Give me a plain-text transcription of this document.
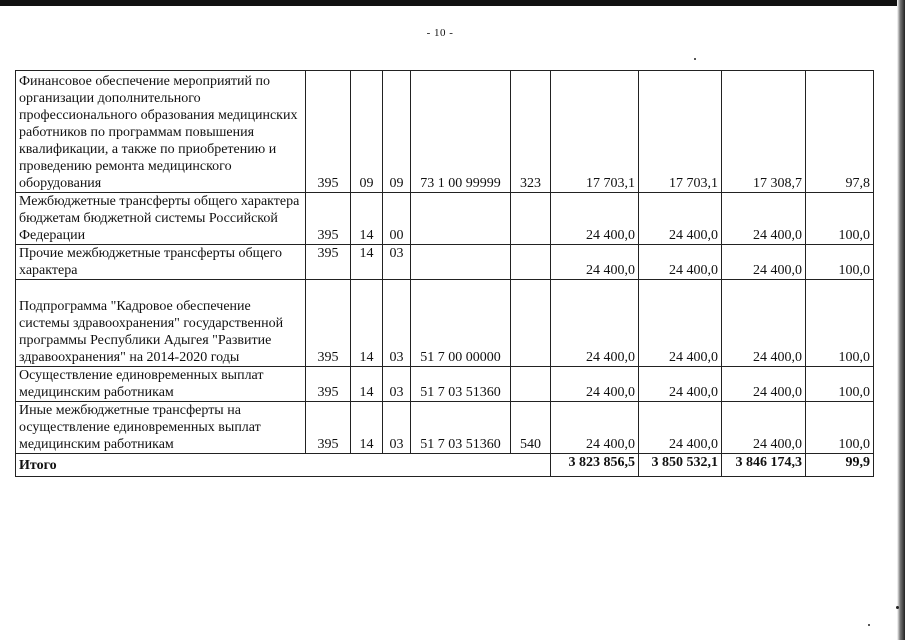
- 10 -
Финансовое обеспечение мероприятий по организации дополнительного профессионального образования медицинских работников по программам повышения квалификации, а также по приобретению и проведению ремонта медицинского оборудования	395	09	09	73 1 00 99999	323	17 703,1	17 703,1	17 308,7	97,8
Межбюджетные трансферты общего характера бюджетам бюджетной системы Российской Федерации	395	14	00			24 400,0	24 400,0	24 400,0	100,0
Прочие межбюджетные трансферты общего характера	395	14	03			24 400,0	24 400,0	24 400,0	100,0
Подпрограмма "Кадровое обеспечение системы здравоохранения" государственной программы Республики Адыгея "Развитие здравоохранения" на 2014-2020 годы	395	14	03	51 7 00 00000		24 400,0	24 400,0	24 400,0	100,0
Осуществление единовременных выплат медицинским работникам	395	14	03	51 7 03 51360		24 400,0	24 400,0	24 400,0	100,0
Иные межбюджетные трансферты на осуществление единовременных выплат медицинским работникам	395	14	03	51 7 03 51360	540	24 400,0	24 400,0	24 400,0	100,0
Итого						3 823 856,5	3 850 532,1	3 846 174,3	99,9
